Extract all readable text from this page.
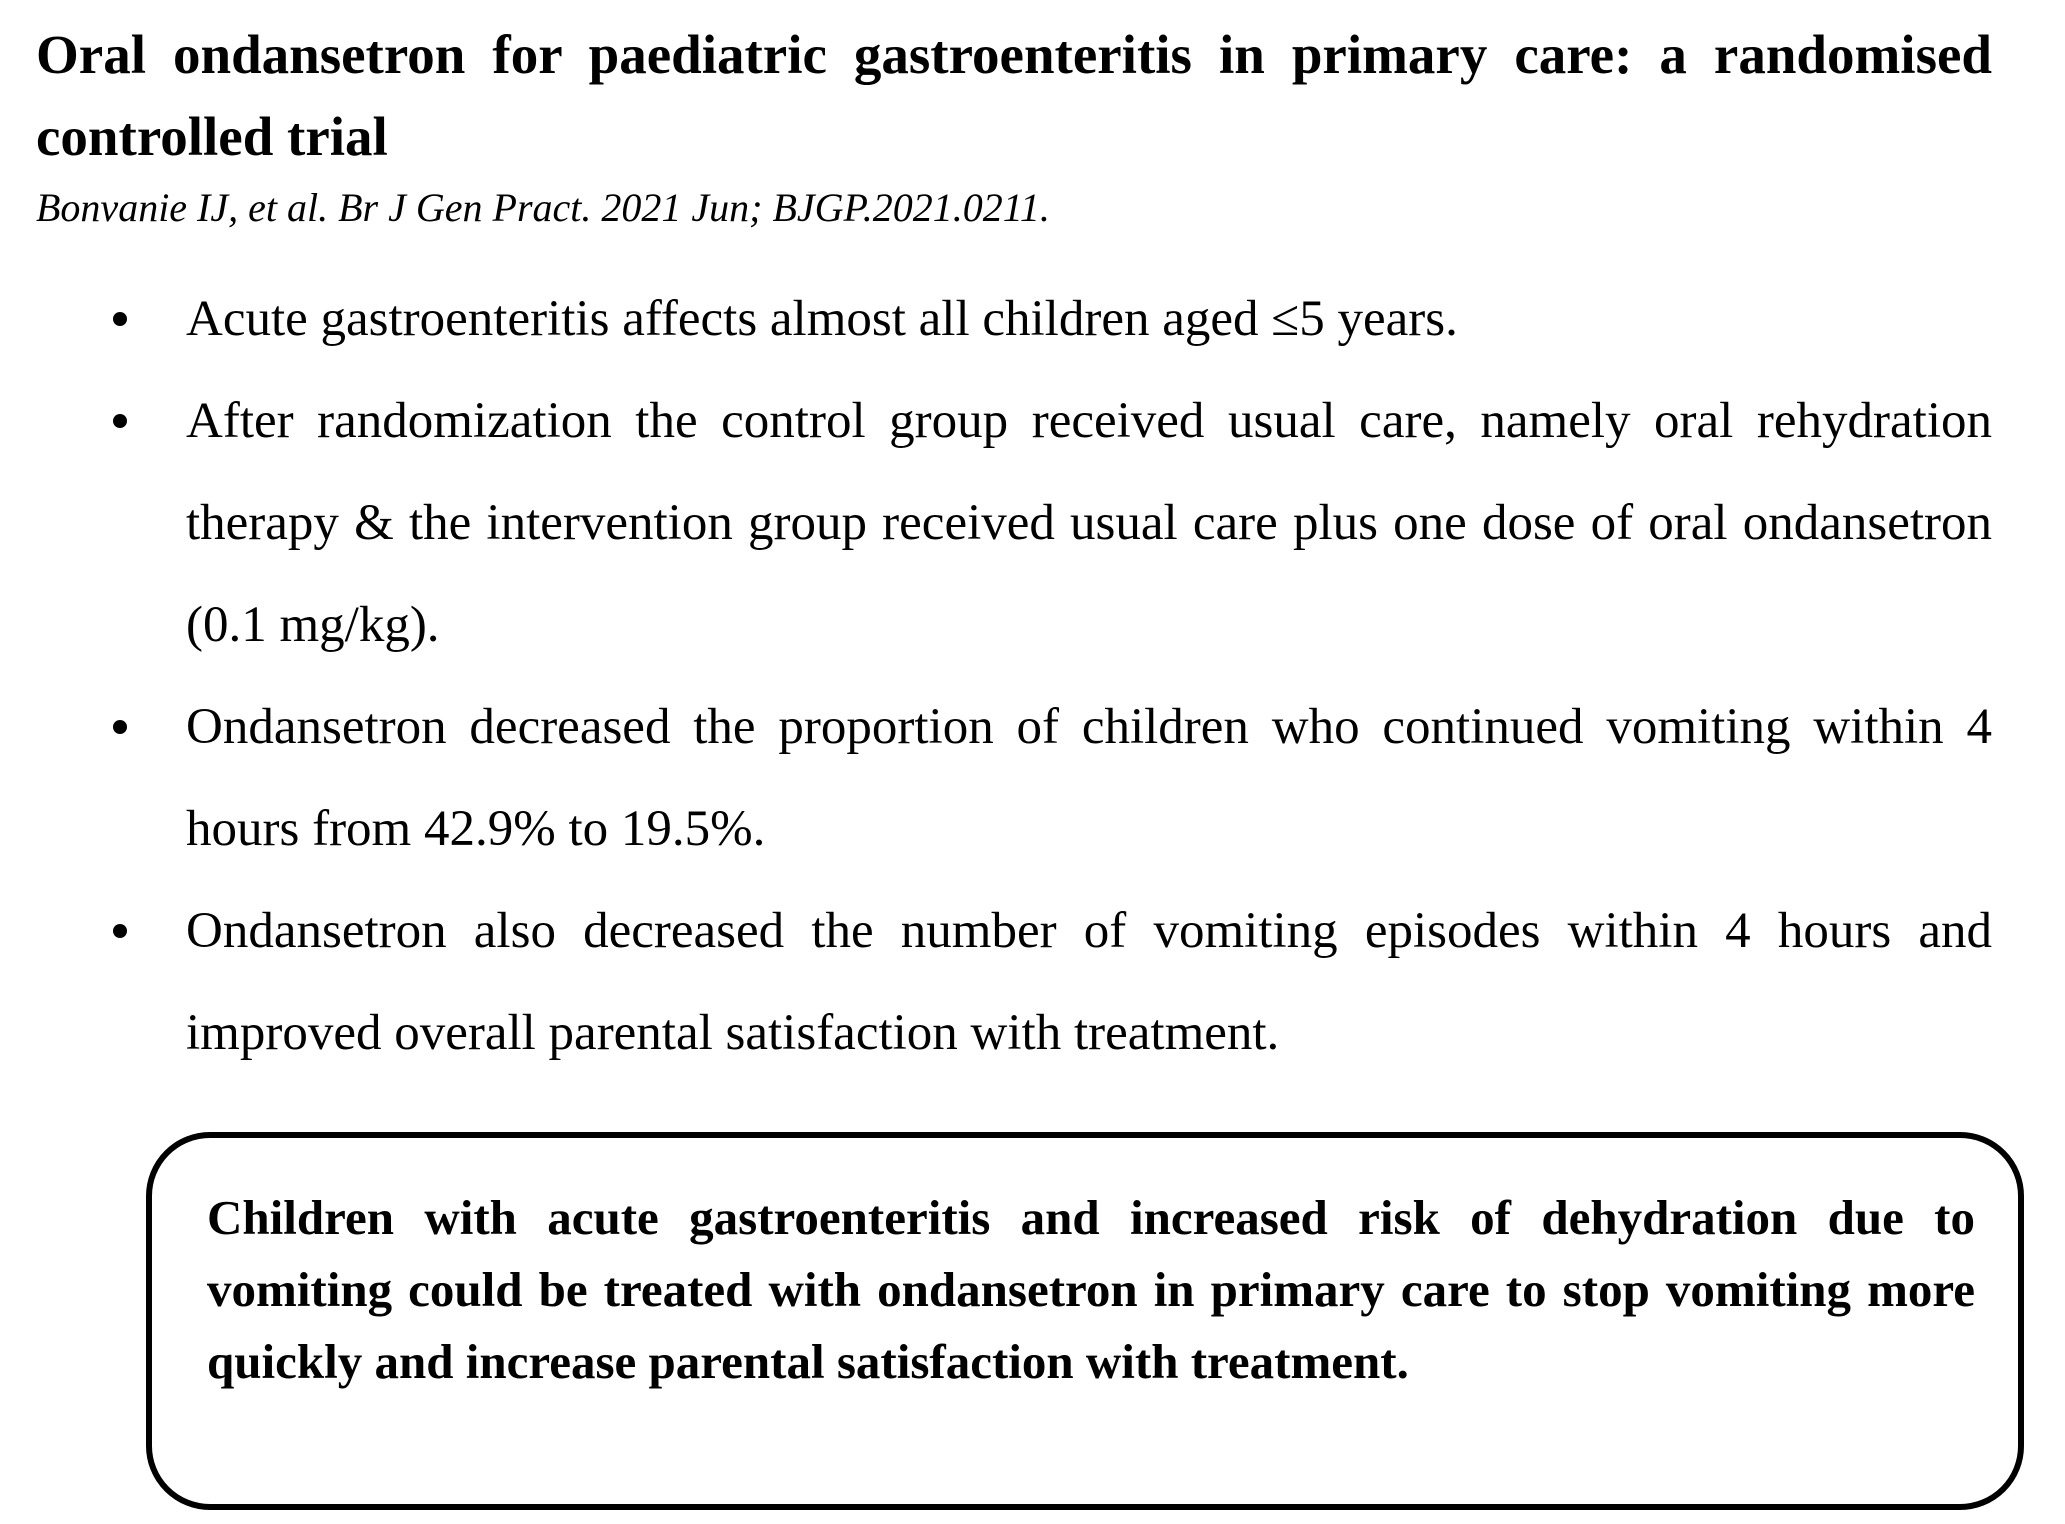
Oral ondansetron for paediatric gastroenteritis in primary care: a randomised controlled trial
Bonvanie IJ, et al. Br J Gen Pract. 2021 Jun; BJGP.2021.0211.
Acute gastroenteritis affects almost all children aged ≤5 years.
After randomization the control group received usual care, namely oral rehydration therapy & the intervention group received usual care plus one dose of oral ondansetron (0.1 mg/kg).
Ondansetron decreased the proportion of children who continued vomiting within 4 hours from 42.9% to 19.5%.
Ondansetron also decreased the number of vomiting episodes within 4 hours and improved overall parental satisfaction with treatment.

Children with acute gastroenteritis and increased risk of dehydration due to vomiting could be treated with ondansetron in primary care to stop vomiting more quickly and increase parental satisfaction with treatment.
